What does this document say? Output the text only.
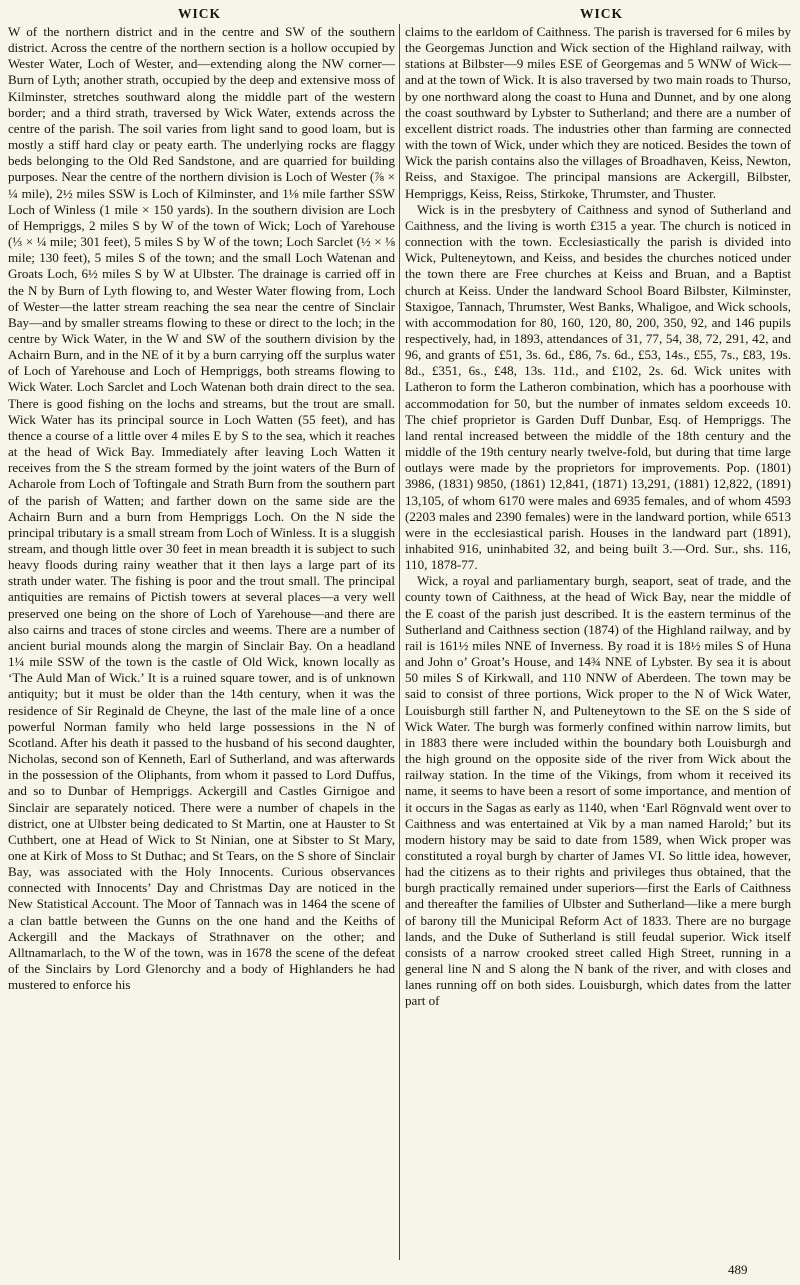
WICK	WICK

W of the northern district and in the centre and SW of the southern district. Across the centre of the northern section is a hollow occupied by Wester Water, Loch of Wester, and—extending along the NW corner—Burn of Lyth; another strath, occupied by the deep and extensive moss of Kilminster, stretches southward along the middle part of the western border; and a third strath, traversed by Wick Water, extends across the centre of the parish. The soil varies from light sand to good loam, but is mostly a stiff hard clay or peaty earth. The underlying rocks are flaggy beds belonging to the Old Red Sandstone, and are quarried for building purposes. Near the centre of the northern division is Loch of Wester (⅞ × ¼ mile), 2½ miles SSW is Loch of Kilminster, and 1⅛ mile farther SSW Loch of Winless (1 mile × 150 yards). In the southern division are Loch of Hempriggs, 2 miles S by W of the town of Wick; Loch of Yarehouse (⅓ × ¼ mile; 301 feet), 5 miles S by W of the town; Loch Sarclet (½ × ⅛ mile; 130 feet), 5 miles S of the town; and the small Loch Watenan and Groats Loch, 6½ miles S by W at Ulbster. The drainage is carried off in the N by Burn of Lyth flowing to, and Wester Water flowing from, Loch of Wester—the latter stream reaching the sea near the centre of Sinclair Bay—and by smaller streams flowing to these or direct to the loch; in the centre by Wick Water, in the W and SW of the southern division by the Achairn Burn, and in the NE of it by a burn carrying off the surplus water of Loch of Yarehouse and Loch of Hempriggs, both streams flowing to Wick Water. Loch Sarclet and Loch Watenan both drain direct to the sea. There is good fishing on the lochs and streams, but the trout are small. Wick Water has its principal source in Loch Watten (55 feet), and has thence a course of a little over 4 miles E by S to the sea, which it reaches at the head of Wick Bay. Immediately after leaving Loch Watten it receives from the S the stream formed by the joint waters of the Burn of Acharole from Loch of Toftingale and Strath Burn from the southern part of the parish of Watten; and farther down on the same side are the Achairn Burn and a burn from Hempriggs Loch. On the N side the principal tributary is a small stream from Loch of Winless. It is a sluggish stream, and though little over 30 feet in mean breadth it is subject to such heavy floods during rainy weather that it then lays a large part of its strath under water. The fishing is poor and the trout small. The principal antiquities are remains of Pictish towers at several places—a very well preserved one being on the shore of Loch of Yarehouse—and there are also cairns and traces of stone circles and weems. There are a number of ancient burial mounds along the margin of Sinclair Bay. On a headland 1¼ mile SSW of the town is the castle of Old Wick, known locally as ‘The Auld Man of Wick.’ It is a ruined square tower, and is of unknown antiquity; but it must be older than the 14th century, when it was the residence of Sir Reginald de Cheyne, the last of the male line of a once powerful Norman family who held large possessions in the N of Scotland. After his death it passed to the husband of his second daughter, Nicholas, second son of Kenneth, Earl of Sutherland, and was afterwards in the possession of the Oliphants, from whom it passed to Lord Duffus, and so to Dunbar of Hempriggs. Ackergill and Castles Girnigoe and Sinclair are separately noticed. There were a number of chapels in the district, one at Ulbster being dedicated to St Martin, one at Hauster to St Cuthbert, one at Head of Wick to St Ninian, one at Sibster to St Mary, one at Kirk of Moss to St Duthac; and St Tears, on the S shore of Sinclair Bay, was associated with the Holy Innocents. Curious observances connected with Innocents’ Day and Christmas Day are noticed in the New Statistical Account. The Moor of Tannach was in 1464 the scene of a clan battle between the Gunns on the one hand and the Keiths of Ackergill and the Mackays of Strathnaver on the other; and Alltnamarlach, to the W of the town, was in 1678 the scene of the defeat of the Sinclairs by Lord Glenorchy and a body of Highlanders he had mustered to enforce his

claims to the earldom of Caithness. The parish is traversed for 6 miles by the Georgemas Junction and Wick section of the Highland railway, with stations at Bilbster—9 miles ESE of Georgemas and 5 WNW of Wick—and at the town of Wick. It is also traversed by two main roads to Thurso, by one northward along the coast to Huna and Dunnet, and by one along the coast southward by Lybster to Sutherland; and there are a number of excellent district roads. The industries other than farming are connected with the town of Wick, under which they are noticed. Besides the town of Wick the parish contains also the villages of Broadhaven, Keiss, Newton, Reiss, and Staxigoe. The principal mansions are Ackergill, Bilbster, Hempriggs, Keiss, Reiss, Stirkoke, Thrumster, and Thuster.

Wick is in the presbytery of Caithness and synod of Sutherland and Caithness, and the living is worth £315 a year. The church is noticed in connection with the town. Ecclesiastically the parish is divided into Wick, Pulteneytown, and Keiss, and besides the churches noticed under the town there are Free churches at Keiss and Bruan, and a Baptist church at Keiss. Under the landward School Board Bilbster, Kilminster, Staxigoe, Tannach, Thrumster, West Banks, Whaligoe, and Wick schools, with accommodation for 80, 160, 120, 80, 200, 350, 92, and 146 pupils respectively, had, in 1893, attendances of 31, 77, 54, 38, 72, 291, 42, and 96, and grants of £51, 3s. 6d., £86, 7s. 6d., £53, 14s., £55, 7s., £83, 19s. 8d., £351, 6s., £48, 13s. 11d., and £102, 2s. 6d. Wick unites with Latheron to form the Latheron combination, which has a poorhouse with accommodation for 50, but the number of inmates seldom exceeds 10. The chief proprietor is Garden Duff Dunbar, Esq. of Hempriggs. The land rental increased between the middle of the 18th century and the middle of the 19th century nearly twelve-fold, but during that time large outlays were made by the proprietors for improvements. Pop. (1801) 3986, (1831) 9850, (1861) 12,841, (1871) 13,291, (1881) 12,822, (1891) 13,105, of whom 6170 were males and 6935 females, and of whom 4593 (2203 males and 2390 females) were in the landward portion, while 6513 were in the ecclesiastical parish. Houses in the landward part (1891), inhabited 916, uninhabited 32, and being built 3.—Ord. Sur., shs. 116, 110, 1878-77.

Wick, a royal and parliamentary burgh, seaport, seat of trade, and the county town of Caithness, at the head of Wick Bay, near the middle of the E coast of the parish just described. It is the eastern terminus of the Sutherland and Caithness section (1874) of the Highland railway, and by rail is 161½ miles NNE of Inverness. By road it is 18½ miles S of Huna and John o’ Groat’s House, and 14¾ NNE of Lybster. By sea it is about 50 miles S of Kirkwall, and 110 NNW of Aberdeen. The town may be said to consist of three portions, Wick proper to the N of Wick Water, Louisburgh still farther N, and Pulteneytown to the SE on the S side of Wick Water. The burgh was formerly confined within narrow limits, but in 1883 there were included within the boundary both Louisburgh and the high ground on the opposite side of the river from Wick about the railway station. In the time of the Vikings, from whom it received its name, it seems to have been a resort of some importance, and mention of it occurs in the Sagas as early as 1140, when ‘Earl Rögnvald went over to Caithness and was entertained at Vik by a man named Harold;’ but its modern history may be said to date from 1589, when Wick proper was constituted a royal burgh by charter of James VI. So little idea, however, had the citizens as to their rights and privileges thus obtained, that the burgh practically remained under superiors—first the Earls of Caithness and thereafter the families of Ulbster and Sutherland—like a mere burgh of barony till the Municipal Reform Act of 1833. There are no burgage lands, and the Duke of Sutherland is still feudal superior. Wick itself consists of a narrow crooked street called High Street, running in a general line N and S along the N bank of the river, and with closes and lanes running off on both sides. Louisburgh, which dates from the latter part of

489
